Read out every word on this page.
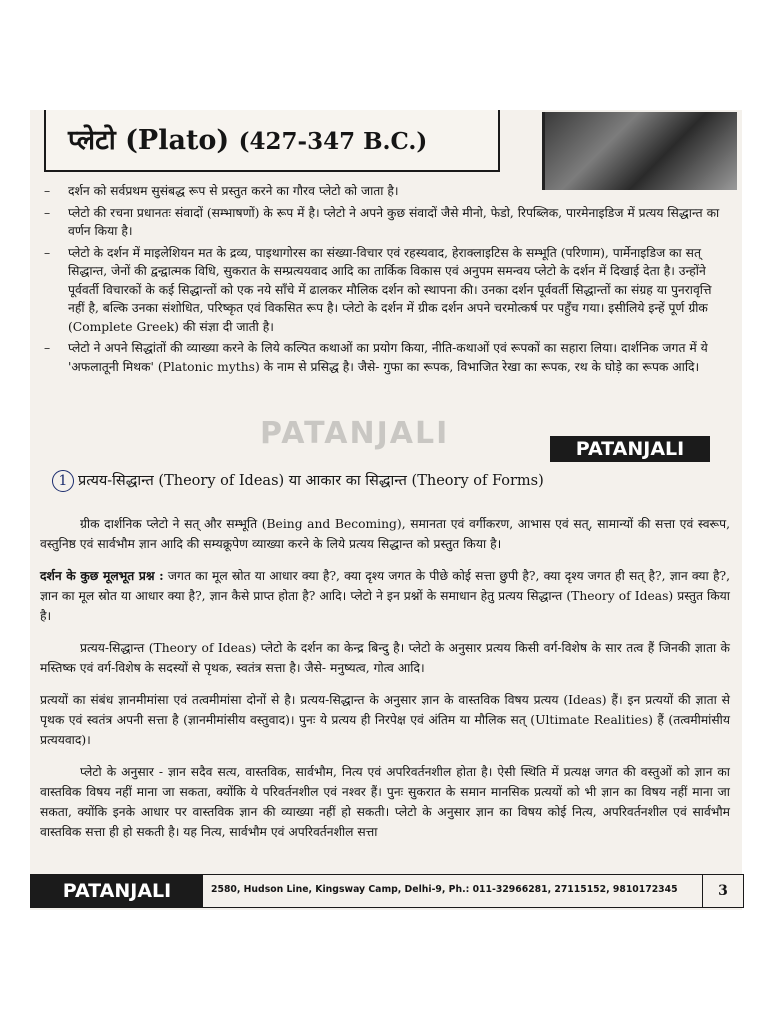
प्लेटो (Plato) (427-347 B.C.)
– दर्शन को सर्वप्रथम सुसंबद्ध रूप से प्रस्तुत करने का गौरव प्लेटो को जाता है।
– प्लेटो की रचना प्रधानतः संवादों (सम्भाषणों) के रूप में है। प्लेटो ने अपने कुछ संवादों जैसे मीनो, फेडो, रिपब्लिक, पारमेनाइडिज में प्रत्यय सिद्धान्त का वर्णन किया है।
– प्लेटो के दर्शन में माइलेशियन मत के द्रव्य, पाइथागोरस का संख्या-विचार एवं रहस्यवाद, हेराक्लाइटिस के सम्भूति (परिणाम), पार्मेनाइडिज का सत् सिद्धान्त, जेनों की द्वन्द्वात्मक विधि, सुकरात के सम्प्रत्ययवाद आदि का तार्किक विकास एवं अनुपम समन्वय प्लेटो के दर्शन में दिखाई देता है। उन्होंने पूर्ववर्ती विचारकों के कई सिद्धान्तों को एक नये साँचे में ढालकर मौलिक दर्शन को स्थापना की। उनका दर्शन पूर्ववर्ती सिद्धान्तों का संग्रह या पुनरावृत्ति नहीं है, बल्कि उनका संशोधित, परिष्कृत एवं विकसित रूप है। प्लेटो के दर्शन में ग्रीक दर्शन अपने चरमोत्कर्ष पर पहुँच गया। इसीलिये इन्हें पूर्ण ग्रीक (Complete Greek) की संज्ञा दी जाती है।
– प्लेटो ने अपने सिद्धांतों की व्याख्या करने के लिये कल्पित कथाओं का प्रयोग किया, नीति-कथाओं एवं रूपकों का सहारा लिया। दार्शनिक जगत में ये 'अफलातूनी मिथक' (Platonic myths) के नाम से प्रसिद्ध है। जैसे- गुफा का रूपक, विभाजित रेखा का रूपक, रथ के घोड़े का रूपक आदि।
PATANJALI	PATANJALI
1 प्रत्यय-सिद्धान्त (Theory of Ideas) या आकार का सिद्धान्त (Theory of Forms)

ग्रीक दार्शनिक प्लेटो ने सत् और सम्भूति (Being and Becoming), समानता एवं वर्गीकरण, आभास एवं सत्, सामान्यों की सत्ता एवं स्वरूप, वस्तुनिष्ठ एवं सार्वभौम ज्ञान आदि की सम्यक्रूपेण व्याख्या करने के लिये प्रत्यय सिद्धान्त को प्रस्तुत किया है।

दर्शन के कुछ मूलभूत प्रश्न : जगत का मूल स्रोत या आधार क्या है?, क्या दृश्य जगत के पीछे कोई सत्ता छुपी है?, क्या दृश्य जगत ही सत् है?, ज्ञान क्या है?, ज्ञान का मूल स्रोत या आधार क्या है?, ज्ञान कैसे प्राप्त होता है? आदि। प्लेटो ने इन प्रश्नों के समाधान हेतु प्रत्यय सिद्धान्त (Theory of Ideas) प्रस्तुत किया है।

प्रत्यय-सिद्धान्त (Theory of Ideas) प्लेटो के दर्शन का केन्द्र बिन्दु है। प्लेटो के अनुसार प्रत्यय किसी वर्ग-विशेष के सार तत्व हैं जिनकी ज्ञाता के मस्तिष्क एवं वर्ग-विशेष के सदस्यों से पृथक, स्वतंत्र सत्ता है। जैसे- मनुष्यत्व, गोत्व आदि।

प्रत्ययों का संबंध ज्ञानमीमांसा एवं तत्वमीमांसा दोनों से है। प्रत्यय-सिद्धान्त के अनुसार ज्ञान के वास्तविक विषय प्रत्यय (Ideas) हैं। इन प्रत्ययों की ज्ञाता से पृथक एवं स्वतंत्र अपनी सत्ता है (ज्ञानमीमांसीय वस्तुवाद)। पुनः ये प्रत्यय ही निरपेक्ष एवं अंतिम या मौलिक सत् (Ultimate Realities) हैं (तत्वमीमांसीय प्रत्ययवाद)।

प्लेटो के अनुसार - ज्ञान सदैव सत्य, वास्तविक, सार्वभौम, नित्य एवं अपरिवर्तनशील होता है। ऐसी स्थिति में प्रत्यक्ष जगत की वस्तुओं को ज्ञान का वास्तविक विषय नहीं माना जा सकता, क्योंकि ये परिवर्तनशील एवं नश्वर हैं। पुनः सुकरात के समान मानसिक प्रत्ययों को भी ज्ञान का विषय नहीं माना जा सकता, क्योंकि इनके आधार पर वास्तविक ज्ञान की व्याख्या नहीं हो सकती। प्लेटो के अनुसार ज्ञान का विषय कोई नित्य, अपरिवर्तनशील एवं सार्वभौम वास्तविक सत्ता ही हो सकती है। यह नित्य, सार्वभौम एवं अपरिवर्तनशील सत्ता

PATANJALI	2580, Hudson Line, Kingsway Camp, Delhi-9, Ph.: 011-32966281, 27115152, 9810172345	3
